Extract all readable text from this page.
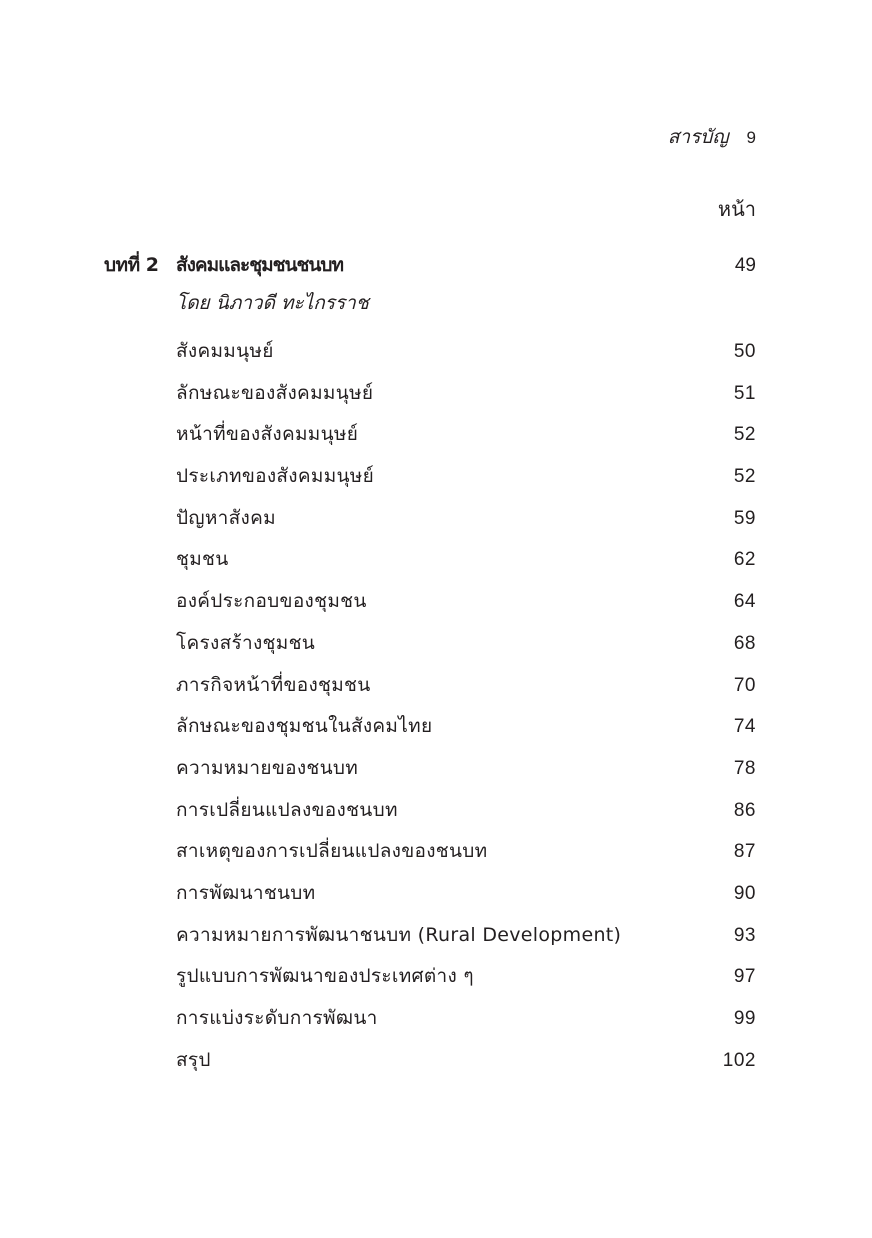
สารบัญ 9
หน้า
บทที่ 2 สังคมและชุมชนชนบท	49
โดย นิภาวดี ทะไกรราช
สังคมมนุษย์	50
ลักษณะของสังคมมนุษย์	51
หน้าที่ของสังคมมนุษย์	52
ประเภทของสังคมมนุษย์	52
ปัญหาสังคม	59
ชุมชน	62
องค์ประกอบของชุมชน	64
โครงสร้างชุมชน	68
ภารกิจหน้าที่ของชุมชน	70
ลักษณะของชุมชนในสังคมไทย	74
ความหมายของชนบท	78
การเปลี่ยนแปลงของชนบท	86
สาเหตุของการเปลี่ยนแปลงของชนบท	87
การพัฒนาชนบท	90
ความหมายการพัฒนาชนบท (Rural Development)	93
รูปแบบการพัฒนาของประเทศต่าง ๆ	97
การแบ่งระดับการพัฒนา	99
สรุป	102
